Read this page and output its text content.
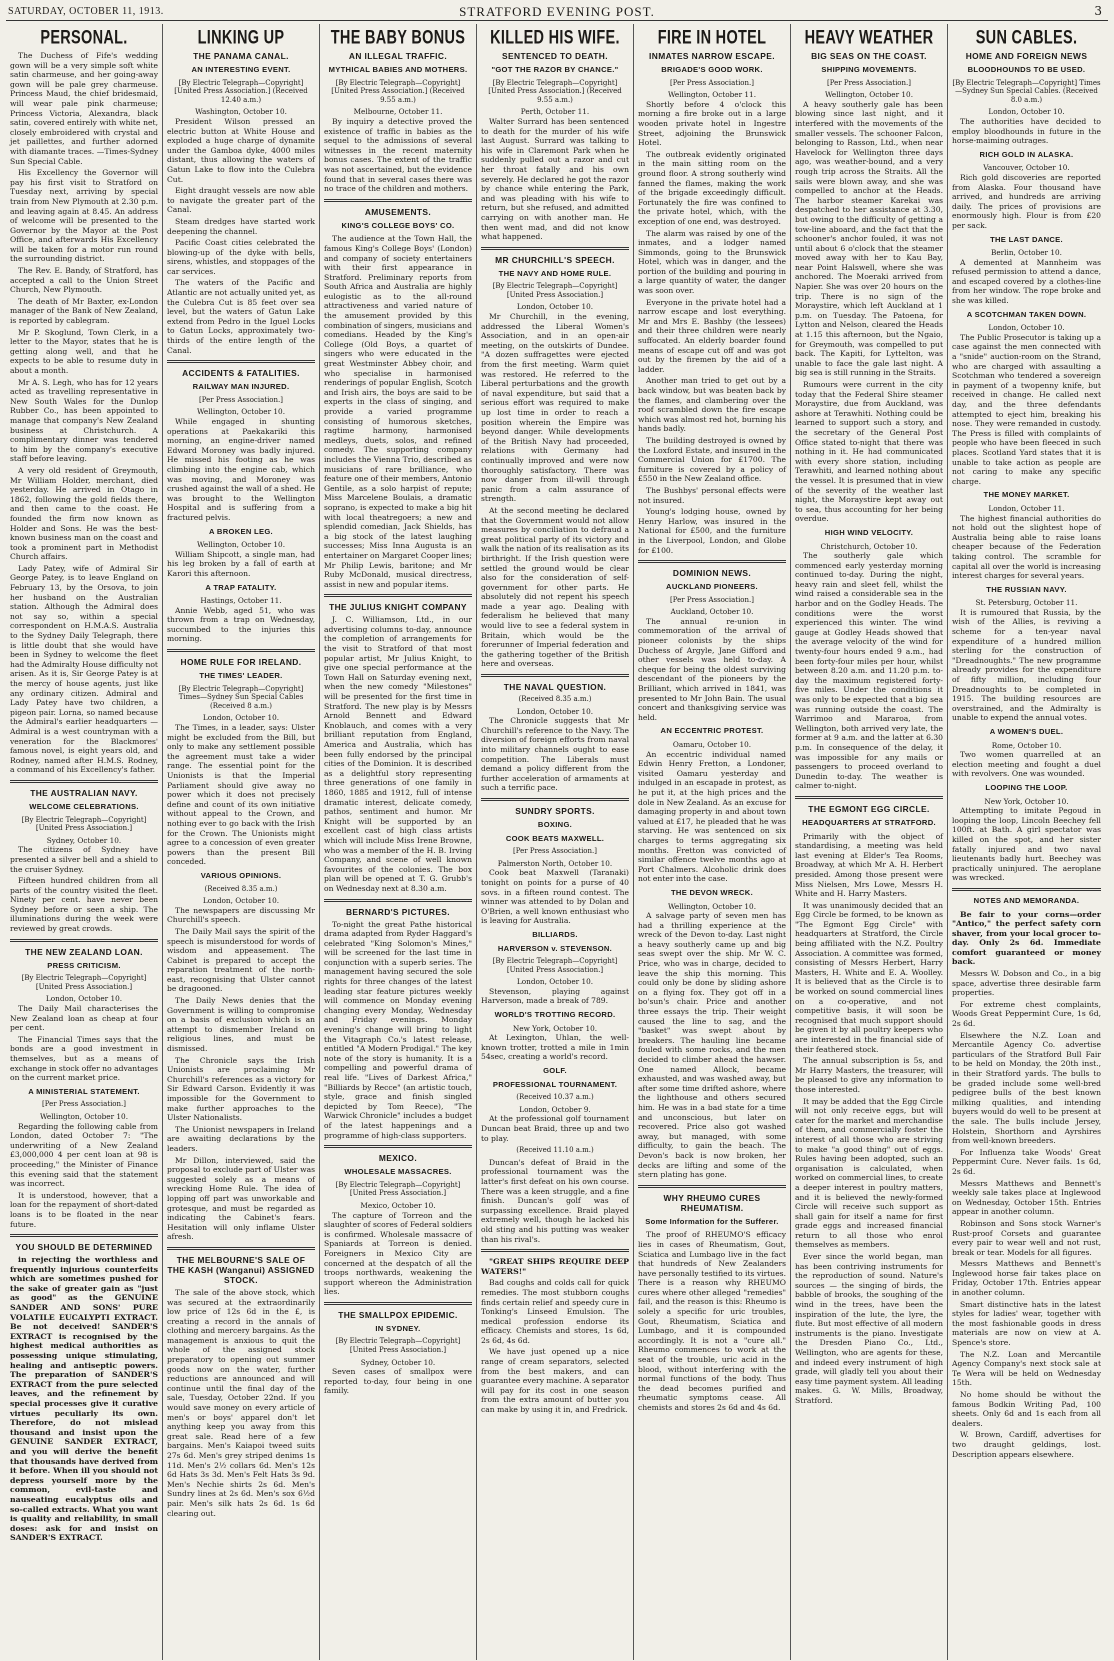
SATURDAY, OCTOBER 11, 1913.	STRATFORD EVENING POST.	3
PERSONAL.

The Duchess of Fife's wedding gown will be a very simple soft white satin charmeuse, and her going-away gown will be pale grey charmeuse. Princess Maud, the chief bridesmaid, will wear pale pink charmeuse; Princess Victoria, Alexandra, black satin, covered entirely with white net, closely embroidered with crystal and jet paillettes, and further adorned with diamante traces. —Times-Sydney Sun Special Cable.

His Excellency the Governor will pay his first visit to Stratford on Tuesday next, arriving by special train from New Plymouth at 2.30 p.m. and leaving again at 8.45. An address of welcome will be presented to the Governor by the Mayor at the Post Office, and afterwards His Excellency will be taken for a motor run round the surrounding district.

The Rev. E. Bandy, of Stratford, has accepted a call to the Union Street Church, New Plymouth.

The death of Mr Baxter, ex-London manager of the Bank of New Zealand, is reported by cablegram.

Mr P. Skoglund, Town Clerk, in a letter to the Mayor, states that he is getting along well, and that he expects to be able to resume duty in about a month.

Mr A. S. Legh, who has for 12 years acted as travelling representative in New South Wales for the Dunlop Rubber Co., has been appointed to manage that company's New Zealand business at Christchurch. A complimentary dinner was tendered to him by the company's executive staff before leaving.

A very old resident of Greymouth, Mr William Holder, merchant, died yesterday. He arrived in Otago in 1862, following the gold fields there, and then came to the coast. He founded the firm now known as Holder and Sons. He was the best-known business man on the coast and took a prominent part in Methodist Church affairs.

Lady Patey, wife of Admiral Sir George Patey, is to leave England on February 13, by the Orsova, to join her husband on the Australian station. Although the Admiral does not say so, within a special correspondent on H.M.A.S. Australia to the Sydney Daily Telegraph, there is little doubt that she would have been in Sydney to welcome the fleet had the Admiralty House difficulty not arisen. As it is, Sir George Patey is at the mercy of house agents, just like any ordinary citizen. Admiral and Lady Patey have two children, a pigeon pair. Lorna, so named because the Admiral's earlier headquarters — Admiral is a west countryman with a veneration for the Blackmores' famous novel, is eight years old, and Rodney, named after H.M.S. Rodney, a command of his Excellency's father.

THE AUSTRALIAN NAVY.
WELCOME CELEBRATIONS.
[By Electric Telegraph—Copyright] [United Press Association.]
Sydney, October 10.

The citizens of Sydney have presented a silver bell and a shield to the cruiser Sydney.

Fifteen hundred children from all parts of the country visited the fleet. Ninety per cent. have never been Sydney before or seen a ship. The illuminations during the week were reviewed by great crowds.

THE NEW ZEALAND LOAN.
PRESS CRITICISM.
[By Electric Telegraph—Copyright] [United Press Association.]
London, October 10.

The Daily Mail characterises the New Zealand loan as cheap at four per cent.

The Financial Times says that the bonds are a good investment in themselves, but as a means of exchange in stock offer no advantages on the current market price.

A MINISTERIAL STATEMENT.
[Per Press Association.]
Wellington, October 10.

Regarding the following cable from London, dated October 7: "The underwriting of a New Zealand £3,000,000 4 per cent loan at 98 is proceeding," the Minister of Finance this evening said that the statement was incorrect.

It is understood, however, that a loan for the repayment of short-dated loans is to be floated in the near future.

YOU SHOULD BE DETERMINED

in rejecting the worthless and frequently injurious counterfeits which are sometimes pushed for the sake of greater gain as "just as good" as the GENUINE SANDER AND SONS' PURE VOLATILE EUCALYPTI EXTRACT. Be not deceived! SANDER'S EXTRACT is recognised by the highest medical authorities as possessing unique stimulating, healing and antiseptic powers. The preparation of SANDER'S EXTRACT from the pure selected leaves, and the refinement by special processes give it curative virtues peculiarly its own. Therefore, do not mislead thousand and insist upon the GENUINE SANDER EXTRACT, and you will derive the benefit that thousands have derived from it before. When ill you should not depress yourself more by the common, evil-taste and nauseating eucalyptus oils and so-called extracts. What you want is quality and reliability, in small doses: ask for and insist on SANDER'S EXTRACT.

LINKING UP
THE PANAMA CANAL.
AN INTERESTING EVENT.
[By Electric Telegraph—Copyright] [United Press Association.] (Received 12.40 a.m.)
Washington, October 10.

President Wilson pressed an electric button at White House and exploded a huge charge of dynamite under the Gamboa dyke, 4000 miles distant, thus allowing the waters of Gatun Lake to flow into the Culebra Cut.

Eight draught vessels are now able to navigate the greater part of the Canal.

Steam dredges have started work deepening the channel.

Pacific Coast cities celebrated the blowing-up of the dyke with bells, sirens, whistles, and stoppages of the car services.

The waters of the Pacific and Atlantic are not actually united yet, as the Culebra Cut is 85 feet over sea level, but the waters of Gatun Lake extend from Pedro in the Iguel Locks to Gatun Locks, approximately two-thirds of the entire length of the Canal.

ACCIDENTS & FATALITIES.
RAILWAY MAN INJURED.
[Per Press Association.]
Wellington, October 10.

While engaged in shunting operations at Paekakariki this morning, an engine-driver named Edward Moroney was badly injured. He missed his footing as he was climbing into the engine cab, which was moving, and Moroney was crushed against the wall of a shed. He was brought to the Wellington Hospital and is suffering from a fractured pelvis.

A BROKEN LEG.
Wellington, October 10.

William Shipcott, a single man, had his leg broken by a fall of earth at Karori this afternoon.

A TRAP FATALITY.
Hastings, October 11.

Annie Webb, aged 51, who was thrown from a trap on Wednesday, succumbed to the injuries this morning.

HOME RULE FOR IRELAND.
THE TIMES' LEADER.
[By Electric Telegraph—Copyright] Times—Sydney Sun Special Cables (Received 8 a.m.)
London, October 10.

The Times, in a leader, says: Ulster might be excluded from the Bill, but only to make any settlement possible the agreement must take a wider range. The essential point for the Unionists is that the Imperial Parliament should give away no power which it does not precisely define and count of its own initiative without appeal to the Crown, and nothing ever to go back with the Irish for the Crown. The Unionists might agree to a concession of even greater powers than the present Bill conceded.

VARIOUS OPINIONS.
(Received 8.35 a.m.)
London, October 10.

The newspapers are discussing Mr Churchill's speech.

The Daily Mail says the spirit of the speech is misunderstood for words of wisdom and appeasement. The Cabinet is prepared to accept the reparation treatment of the north-east, recognising that Ulster cannot be dragooned.

The Daily News denies that the Government is willing to compromise on a basis of exclusion which is an attempt to dismember Ireland on religious lines, and must be dismissed.

The Chronicle says the Irish Unionists are proclaiming Mr Churchill's references as a victory for Sir Edward Carson. Evidently it was impossible for the Government to make further approaches to the Ulster Nationalists.

The Unionist newspapers in Ireland are awaiting declarations by the leaders.

Mr Dillon, interviewed, said the proposal to exclude part of Ulster was suggested solely as a means of wrecking Home Rule. The idea of lopping off part was unworkable and grotesque, and must be regarded as indicating the Cabinet's fears. Hesitation will only inflame Ulster afresh.

THE MELBOURNE'S SALE OF THE KASH (Wanganui) ASSIGNED STOCK.

The sale of the above stock, which was secured at the extraordinarily low price of 12s 6d in the £, is creating a record in the annals of clothing and mercery bargains. As the management is anxious to quit the whole of the assigned stock preparatory to opening out summer goods now on the water, further reductions are announced and will continue until the final day of the sale, Tuesday, October 22nd. If you would save money on every article of men's or boys' apparel don't let anything keep you away from this great sale. Read here of a few bargains. Men's Kaiapoi tweed suits 27s 6d. Men's grey striped denims 1s 11d. Men's 2½ collars 6d. Men's 12s 6d Hats 3s 3d. Men's Felt Hats 3s 9d. Men's Nechie shirts 2s 6d. Men's Sundry lines at 2s 6d. Men's sox 6½d pair. Men's silk hats 2s 6d. 1s 6d clearing out.

THE BABY BONUS
AN ILLEGAL TRAFFIC.
MYTHICAL BABIES AND MOTHERS.
[By Electric Telegraph—Copyright] [United Press Association.] (Received 9.55 a.m.)
Melbourne, October 11.

By inquiry a detective proved the existence of traffic in babies as the sequel to the admissions of several witnesses in the recent maternity bonus cases. The extent of the traffic was not ascertained, but the evidence found that in several cases there was no trace of the children and mothers.

AMUSEMENTS.
KING'S COLLEGE BOYS' CO.

The audience at the Town Hall, the famous King's College Boys' (London) and company of society entertainers with their first appearance in Stratford. Preliminary reports from South Africa and Australia are highly eulogistic as to the all-round attractiveness and varied nature of the amusement provided by this combination of singers, musicians and comedians. Headed by the King's College (Old Boys, a quartet of singers who were educated in the great Westminster Abbey choir, and who specialise in harmonised renderings of popular English, Scotch and Irish airs, the boys are said to be experts in the class of singing, and provide a varied programme consisting of humorous sketches, ragtime harmony, harmonised medleys, duets, solos, and refined comedy. The supporting company includes the Vienna Trio, described as musicians of rare brilliance, who feature one of their members, Antonio Gentile, as a solo harpist of repute; Miss Marcelene Boulais, a dramatic soprano, is expected to make a big hit with local theatregoers; a new and splendid comedian, Jack Shields, has a big stock of the latest laughing successes; Miss Inna Augusta is an entertainer on Margaret Cooper lines; Mr Philip Lewis, baritone; and Mr Ruby McDonald, musical directress, assist in new and popular items.

THE JULIUS KNIGHT COMPANY

J. C. Williamson, Ltd., in our advertising columns to-day, announce the completion of arrangements for the visit to Stratford of that most popular artist, Mr Julius Knight, to give one special performance at the Town Hall on Saturday evening next, when the new comedy "Milestones" will be presented for the first time in Stratford. The new play is by Messrs Arnold Bennett and Edward Knoblauch, and comes with a very brilliant reputation from England, America and Australia, which has been fully endorsed by the principal cities of the Dominion. It is described as a delightful story representing three generations of one family in 1860, 1885 and 1912, full of intense dramatic interest, delicate comedy, pathos, sentiment and humor. Mr Knight will be supported by an excellent cast of high class artists which will include Miss Irene Browne, who was a member of the H. B. Irving Company, and scene of well known favourites of the colonies. The box plan will be opened at T. G. Grubb's on Wednesday next at 8.30 a.m.

BERNARD'S PICTURES.

To-night the great Pathe historical drama adapted from Ryder Haggard's celebrated "King Solomon's Mines," will be screened for the last time in conjunction with a superb series. The management having secured the sole rights for three changes of the latest leading star feature pictures weekly will commence on Monday evening changing every Monday, Wednesday and Friday evenings. Monday evening's change will bring to light the Vitagraph Co.'s latest release, entitled "A Modern Prodigal." The key note of the story is humanity. It is a compelling and powerful drama of real life. "Lives of Darkest Africa," "Billiards by Recce" (an artistic touch, style, grace and finish singled depicted by Tom Reece), "The Warwick Chronicle" includes a budget of the latest happenings and a programme of high-class supporters.

MEXICO.
WHOLESALE MASSACRES.
[By Electric Telegraph—Copyright] [United Press Association.]
Mexico, October 10.

The capture of Torreon and the slaughter of scores of Federal soldiers is confirmed. Wholesale massacre of Spaniards at Torreon is denied. Foreigners in Mexico City are concerned at the despatch of all the troops northwards, weakening the support whereon the Administration lies.

THE SMALLPOX EPIDEMIC.
IN SYDNEY.
[By Electric Telegraph—Copyright] [United Press Association.]
Sydney, October 10.

Seven cases of smallpox were reported to-day, four being in one family.

KILLED HIS WIFE.
SENTENCED TO DEATH.
"GOT THE RAZOR BY CHANCE."
[By Electric Telegraph—Copyright] [United Press Association.] (Received 9.55 a.m.)
Perth, October 11.

Walter Surrard has been sentenced to death for the murder of his wife last August. Surrard was talking to his wife in Claremont Park when he suddenly pulled out a razor and cut her throat fatally and his own severely. He declared he got the razor by chance while entering the Park, and was pleading with his wife to return, but she refused, and admitted carrying on with another man. He then went mad, and did not know what happened.

MR CHURCHILL'S SPEECH.
THE NAVY AND HOME RULE.
[By Electric Telegraph—Copyright] [United Press Association.]
London, October 10.

Mr Churchill, in the evening, addressed the Liberal Women's Association, and in an open-air meeting, on the outskirts of Dundee. "A dozen suffragettes were ejected from the first meeting. Warm quiet was restored. He referred to the Liberal perturbations and the growth of naval expenditure, but said that a serious effort was required to make up lost time in order to reach a position wherein the Empire was beyond danger. While developments of the British Navy had proceeded, relations with Germany had continually improved and were now thoroughly satisfactory. There was now danger from ill-will through panic from a calm assurance of strength.

At the second meeting he declared that the Government would not allow measures by conciliation to defraud a great political party of its victory and walk the nation of its realisation as its birthright. If the Irish question were settled the ground would be clear also for the consideration of self-government for other parts. He absolutely did not repent his speech made a year ago. Dealing with federalism he believed that many would live to see a federal system in Britain, which would be the forerunner of Imperial federation and the gathering together of the British here and overseas.

THE NAVAL QUESTION.
(Received 8.35 a.m.)
London, October 10.

The Chronicle suggests that Mr Churchill's reference to the Navy. The diversion of foreign efforts from naval into military channels ought to ease competition. The Liberals must demand a policy different from the further acceleration of armaments at such a terrific pace.

SUNDRY SPORTS.
BOXING.
COOK BEATS MAXWELL.
[Per Press Association.]
Palmerston North, October 10.

Cook beat Maxwell (Taranaki) tonight on points for a purse of 40 sovs. in a fifteen round contest. The winner was attended to by Dolan and O'Brien, a well known enthusiast who is leaving for Australia.

BILLIARDS.
HARVERSON v. STEVENSON.
[By Electric Telegraph—Copyright] [United Press Association.]
London, October 10.

Stevenson, playing against Harverson, made a break of 789.

WORLD'S TROTTING RECORD.
New York, October 10.

At Lexington, Uhlan, the well-known trotter, trotted a mile in 1min 54sec, creating a world's record.

GOLF.
PROFESSIONAL TOURNAMENT.
(Received 10.37 a.m.)
London, October 9.

At the professional golf tournament Duncan beat Braid, three up and two to play.

(Received 11.10 a.m.)

Duncan's defeat of Braid in the professional tournament was the latter's first defeat on his own course. There was a keen struggle, and a fine finish. Duncan's golf was of surpassing excellence. Braid played extremely well, though he lacked his old sting and his putting was weaker than his rival's.

"GREAT SHIPS REQUIRE DEEP WATERS!"

Bad coughs and colds call for quick remedies. The most stubborn coughs finds certain relief and speedy cure in Tonking's Linseed Emulsion. The medical profession endorse its efficacy. Chemists and stores, 1s 6d, 2s 6d, 4s 6d.

We have just opened up a nice range of cream separators, selected from the best makers, and can guarantee every machine. A separator will pay for its cost in one season from the extra amount of butter you can make by using it in, and Fredrick.

FIRE IN HOTEL
INMATES NARROW ESCAPE.
BRIGADE'S GOOD WORK.
[Per Press Association.]
Wellington, October 11.

Shortly before 4 o'clock this morning a fire broke out in a large wooden private hotel in Ingestre Street, adjoining the Brunswick Hotel.

The outbreak evidently originated in the main sitting room on the ground floor. A strong southerly wind fanned the flames, making the work of the brigade exceedingly difficult. Fortunately the fire was confined to the private hotel, which, with the exception of one end, was destroyed.

The alarm was raised by one of the inmates, and a lodger named Simmonds, going to the Brunswick Hotel, which was in danger, and the portion of the building and pouring in a large quantity of water, the danger was soon over.

Everyone in the private hotel had a narrow escape and lost everything. Mr and Mrs E. Bashby (the lessees) and their three children were nearly suffocated. An elderly boarder found means of escape cut off and was got out by the firemen by the aid of a ladder.

Another man tried to get out by a back window, but was beaten back by the flames, and clambering over the roof scrambled down the fire escape which was almost red hot, burning his hands badly.

The building destroyed is owned by the Loxford Estate, and insured in the Commercial Union for £1700. The furniture is covered by a policy of £550 in the New Zealand office.

The Bushbys' personal effects were not insured.

Young's lodging house, owned by Henry Harlow, was insured in the National for £500, and the furniture in the Liverpool, London, and Globe for £100.

DOMINION NEWS.
AUCKLAND PIONEERS.
[Per Press Association.]
Auckland, October 10.

The annual re-union in commemoration of the arrival of pioneer colonists by the ships Duchess of Argyle, Jane Gifford and other vessels was held to-day. A cheque for being the oldest surviving descendant of the pioneers by the Brilliant, which arrived in 1841, was presented to Mr John Bain. The usual concert and thanksgiving service was held.

AN ECCENTRIC PROTEST.
Oamaru, October 10.

An eccentric individual named Edwin Henry Fretton, a Londoner, visited Oamaru yesterday and indulged in an escapade in protest, as he put it, at the high prices and the dole in New Zealand. As an excuse for damaging property in and about town valued at £17, he pleaded that he was starving. He was sentenced on six charges to terms aggregating six months. Fretton was convicted of similar offence twelve months ago at Port Chalmers. Alcoholic drink does not enter into the case.

THE DEVON WRECK.
Wellington, October 10.

A salvage party of seven men has had a thrilling experience at the wreck of the Devon to-day. Last night a heavy southerly came up and big seas swept over the ship. Mr W. C. Price, who was in charge, decided to leave the ship this morning. This could only be done by sliding ashore on a flying fox. They got off in a bo'sun's chair. Price and another three essays the trip. Their weight caused the line to sag, and the "basket" was swept about by breakers. The hauling line became fouled with some rocks, and the men decided to climber ahead the hawser. One named Allock, became exhausted, and was washed away, but after some time drifted ashore, where the lighthouse and others secured him. He was in a bad state for a time and unconscious, but later on recovered. Price also got washed away, but managed, with some difficulty, to gain the beach. The Devon's back is now broken, her decks are lifting and some of the stern plating has gone.

WHY RHEUMO CURES RHEUMATISM.
Some Information for the Sufferer.

The proof of RHEUMO'S efficacy lies in cases of Rheumatism, Gout, Sciatica and Lumbago live in the fact that hundreds of New Zealanders have personally testified to its virtues. There is a reason why RHEUMO cures where other alleged "remedies" fail, and the reason is this: Rheumo is solely a specific for uric troubles, Gout, Rheumatism, Sciatica and Lumbago, and it is compounded accordingly. It is not a "cure all." Rheumo commences to work at the seat of the trouble, uric acid in the blood, without interfering with the normal functions of the body. Thus the dead becomes purified and rheumatic symptoms cease. All chemists and stores 2s 6d and 4s 6d.

HEAVY WEATHER
BIG SEAS ON THE COAST.
SHIPPING MOVEMENTS.
[Per Press Association.]
Wellington, October 10.

A heavy southerly gale has been blowing since last night, and it interfered with the movements of the smaller vessels. The schooner Falcon, belonging to Rasson, Ltd., when near Havelock for Wellington three days ago, was weather-bound, and a very rough trip across the Straits. All the sails were blown away, and she was compelled to anchor at the Heads. The harbor steamer Karekai was despatched to her assistance at 3.30, but owing to the difficulty of getting a tow-line aboard, and the fact that the schooner's anchor fouled, it was not until about 6 o'clock that the steamer moved away with her to Kau Bay, near Point Halswell, where she was anchored. The Moeraki arrived from Napier. She was over 20 hours on the trip. There is no sign of the Moraystire, which left Auckland at 1 p.m. on Tuesday. The Patoena, for Lytton and Nelson, cleared the Heads at 1.15 this afternoon, but the Ngaio, for Greymouth, was compelled to put back. The Kapiti, for Lyttelton, was unable to face the gale last night. A big sea is still running in the Straits.

Rumours were current in the city today that the Federal Shire steamer Moraystire, due from Auckland, was ashore at Terawhiti. Nothing could be learned to support such a story, and the secretary of the General Post Office stated to-night that there was nothing in it. He had communicated with every shore station, including Terawhiti, and learned nothing about the vessel. It is presumed that in view of the severity of the weather last night, the Moraystire kept away out to sea, thus accounting for her being overdue.

HIGH WIND VELOCITY.
Christchurch, October 10.

The southerly gale which commenced early yesterday morning continued to-day. During the night, heavy rain and sleet fell, whilst the wind raised a considerable sea in the harbor and on the Godley Heads. The conditions were the worst experienced this winter. The wind gauge at Godley Heads showed that the average velocity of the wind for twenty-four hours ended 9 a.m., had been forty-four miles per hour, whilst between 8.20 a.m. and 11.20 p.m. to-day the maximum registered forty-five miles. Under the conditions it was only to be expected that a big sea was running outside the coast. The Warrimoo and Mararoa, from Wellington, both arrived very late, the former at 9 a.m. and the latter at 6.30 p.m. In consequence of the delay, it was impossible for any mails or passengers to proceed overland to Dunedin to-day. The weather is calmer to-night.

THE EGMONT EGG CIRCLE.
HEADQUARTERS AT STRATFORD.

Primarily with the object of standardising, a meeting was held last evening at Elder's Tea Rooms, Broadway, at which Mr A. H. Herbert presided. Among those present were Miss Nielsen, Mrs Lowe, Messrs H. White and H. Harry Masters.

It was unanimously decided that an Egg Circle be formed, to be known as "The Egmont Egg Circle" with headquarters at Stratford, the Circle being affiliated with the N.Z. Poultry Association. A committee was formed, consisting of Messrs Herbert, Harry Masters, H. White and E. A. Woolley. It is believed that as the Circle is to be worked on sound commercial lines on a co-operative, and not competitive basis, it will soon be recognised that much support should be given it by all poultry keepers who are interested in the financial side of their feathered stock.

The annual subscription is 5s, and Mr Harry Masters, the treasurer, will be pleased to give any information to those interested.

It may be added that the Egg Circle will not only receive eggs, but will cater for the market and merchandise of them, and commercially foster the interest of all those who are striving to make "a good thing" out of eggs. Rules having been adopted, such an organisation is calculated, when worked on commercial lines, to create a deeper interest in poultry matters, and it is believed the newly-formed Circle will receive such support as shall gain for itself a name for first grade eggs and increased financial return to all those who enrol themselves as members.

Ever since the world began, man has been contriving instruments for the reproduction of sound. Nature's sources — the singing of birds, the babble of brooks, the soughing of the wind in the trees, have been the inspiration of the lute, the lyre, the flute. But most effective of all modern instruments is the piano. Investigate the Dresden Piano Co., Ltd., Wellington, who are agents for these, and indeed every instrument of high grade, will gladly tell you about their easy time payment system. All leading makes. G. W. Mills, Broadway, Stratford.

SUN CABLES.
HOME AND FOREIGN NEWS
BLOODHOUNDS TO BE USED.
[By Electric Telegraph—Copyright] Times—Sydney Sun Special Cables. (Received 8.0 a.m.)
London, October 10.

The authorities have decided to employ bloodhounds in future in the horse-maiming outrages.

RICH GOLD IN ALASKA.
Vancouver, October 10.

Rich gold discoveries are reported from Alaska. Four thousand have arrived, and hundreds are arriving daily. The prices of provisions are enormously high. Flour is from £20 per sack.

THE LAST DANCE.
Berlin, October 10.

A demented at Mannheim was refused permission to attend a dance, and escaped covered by a clothes-line from her window. The rope broke and she was killed.

A SCOTCHMAN TAKEN DOWN.
London, October 10.

The Public Prosecutor is taking up a case against the men connected with a "snide" auction-room on the Strand, who are charged with assaulting a Scotchman who tendered a sovereign in payment of a twopenny knife, but received in change. He called next day, and the three defendants attempted to eject him, breaking his nose. They were remanded in custody. The Press is filled with complaints of people who have been fleeced in such places. Scotland Yard states that it is unable to take action as people are not caring to make any specific charge.

THE MONEY MARKET.
London, October 11.

The highest financial authorities do not hold out the slightest hope of Australia being able to raise loans cheaper because of the Federation taking control. The scramble for capital all over the world is increasing interest charges for several years.

THE RUSSIAN NAVY.
St. Petersburg, October 11.

It is rumoured that Russia, by the wish of the Allies, is reviving a scheme for a ten-year naval expenditure of a hundred million sterling for the construction of "Dreadnoughts." The new programme already provides for the expenditure of fifty million, including four Dreadnoughts to be completed in 1915. The building resources are overstrained, and the Admiralty is unable to expend the annual votes.

A WOMEN'S DUEL.
Rome, October 10.

Two women quarrelled at an election meeting and fought a duel with revolvers. One was wounded.

LOOPING THE LOOP.
New York, October 10.

Attempting to imitate Pegoud in looping the loop, Lincoln Beechey fell 100ft. at Bath. A girl spectator was killed on the spot, and her sister fatally injured and two naval lieutenants badly hurt. Beechey was practically uninjured. The aeroplane was wrecked.

NOTES AND MEMORANDA.

Be fair to your corns—order "Antico," the perfect safety corn shaver, from your local grocer to-day. Only 2s 6d. Immediate comfort guaranteed or money back.

Messrs W. Dobson and Co., in a big space, advertise three desirable farm properties.

For extreme chest complaints, Woods Great Peppermint Cure, 1s 6d, 2s 6d.

Elsewhere the N.Z. Loan and Mercantile Agency Co. advertise particulars of the Stratford Bull Fair to be held on Monday, the 20th inst., in their Stratford yards. The bulls to be graded include some well-bred pedigree bulls of the best known milking qualities, and intending buyers would do well to be present at the sale. The bulls include Jersey, Holstein, Shorthorn and Ayrshires from well-known breeders.

For Influenza take Woods' Great Peppermint Cure. Never fails. 1s 6d, 2s 6d.

Messrs Matthews and Bennett's weekly sale takes place at Inglewood on Wednesday, October 15th. Entries appear in another column.

Robinson and Sons stock Warner's Rust-proof Corsets and guarantee every pair to wear well and not rust, break or tear. Models for all figures.

Messrs Matthews and Bennett's Inglewood horse fair takes place on Friday, October 17th. Entries appear in another column.

Smart distinctive hats in the latest styles for ladies' wear, together with the most fashionable goods in dress materials are now on view at A. Spence's store.

The N.Z. Loan and Mercantile Agency Company's next stock sale at Te Wera will be held on Wednesday 15th.

No home should be without the famous Bodkin Writing Pad, 100 sheets. Only 6d and 1s each from all dealers.

W. Brown, Cardiff, advertises for two draught geldings, lost. Description appears elsewhere.
